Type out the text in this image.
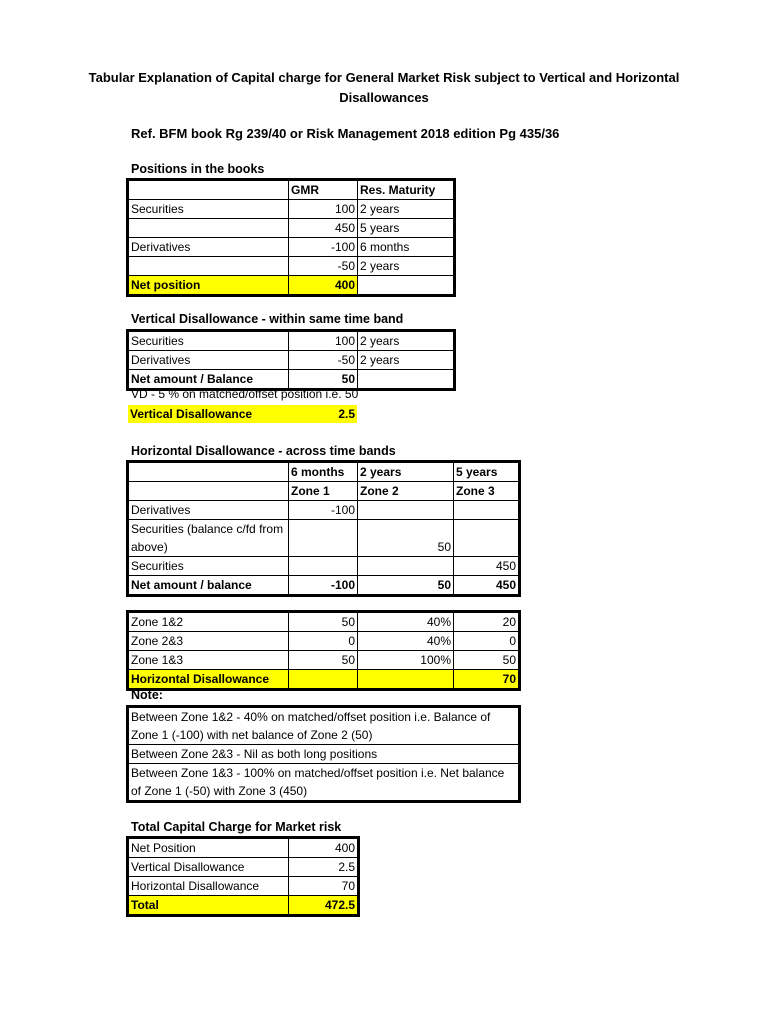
Tabular Explanation of Capital charge for General Market Risk subject to Vertical and Horizontal
Disallowances
Ref. BFM book Rg 239/40 or Risk Management 2018 edition Pg 435/36
Positions in the books
	GMR	Res. Maturity
Securities	100	2 years
	450	5 years
Derivatives	-100	6 months
	-50	2 years
Net position	400	
Vertical Disallowance - within same time band
Securities	100	2 years
Derivatives	-50	2 years
Net amount / Balance	50	
VD - 5 % on matched/offset position i.e. 50
Vertical Disallowance	2.5
Horizontal Disallowance - across time bands
	6 months	2 years	5 years
	Zone 1	Zone 2	Zone 3
Derivatives	-100		
Securities (balance c/fd from above)		50	
Securities			450
Net amount / balance	-100	50	450
Zone 1&2	50	40%	20
Zone 2&3	0	40%	0
Zone 1&3	50	100%	50
Horizontal Disallowance			70
Note:
Between Zone 1&2 - 40% on matched/offset position i.e. Balance of Zone 1 (-100) with net balance of Zone 2 (50)
Between Zone 2&3 - Nil as both long positions
Between Zone 1&3 - 100% on matched/offset position i.e. Net balance of Zone 1 (-50) with Zone 3 (450)
Total Capital Charge for Market risk
Net Position	400
Vertical Disallowance	2.5
Horizontal Disallowance	70
Total	472.5
